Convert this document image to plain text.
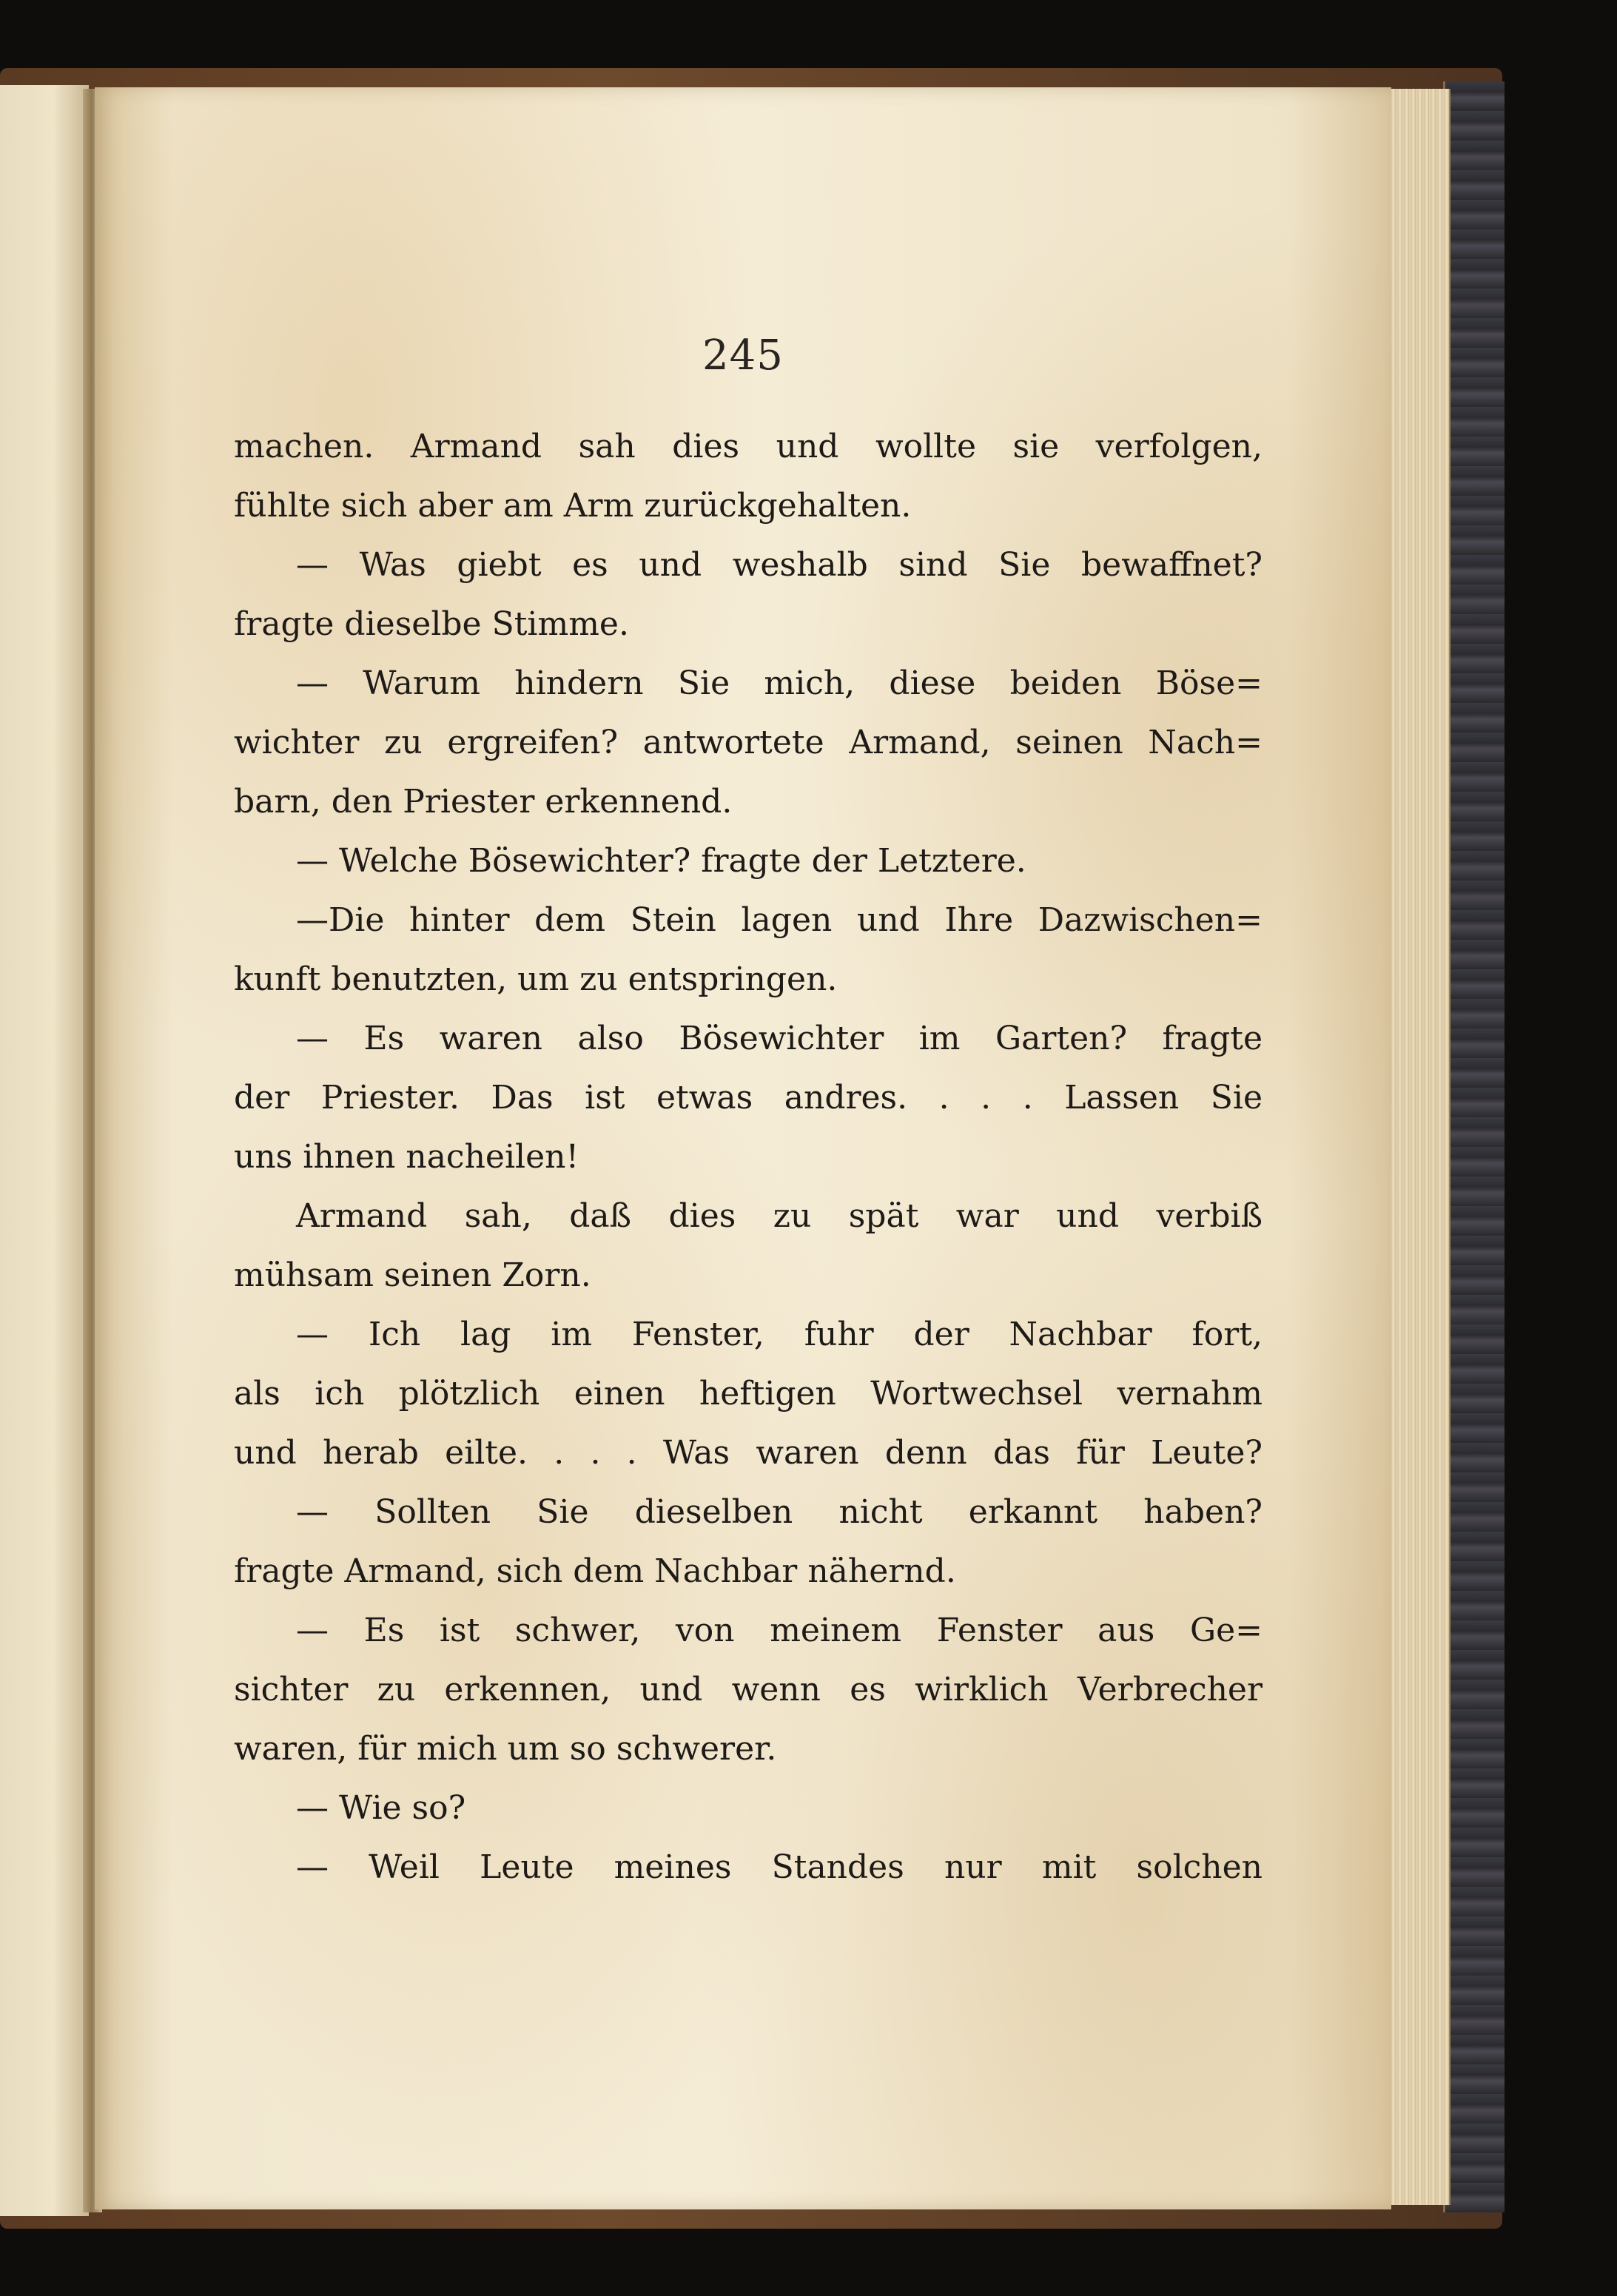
245
machen. Armand sah dies und wollte sie verfolgen,
fühlte sich aber am Arm zurückgehalten.
— Was giebt es und weshalb sind Sie bewaffnet?
fragte dieselbe Stimme.
— Warum hindern Sie mich, diese beiden Böse=
wichter zu ergreifen? antwortete Armand, seinen Nach=
barn, den Priester erkennend.
— Welche Bösewichter? fragte der Letztere.
—Die hinter dem Stein lagen und Ihre Dazwischen=
kunft benutzten, um zu entspringen.
— Es waren also Bösewichter im Garten? fragte
der Priester. Das ist etwas andres. . . . Lassen Sie
uns ihnen nacheilen!
Armand sah, daß dies zu spät war und verbiß
mühsam seinen Zorn.
— Ich lag im Fenster, fuhr der Nachbar fort,
als ich plötzlich einen heftigen Wortwechsel vernahm
und herab eilte. . . . Was waren denn das für Leute?
— Sollten Sie dieselben nicht erkannt haben?
fragte Armand, sich dem Nachbar nähernd.
— Es ist schwer, von meinem Fenster aus Ge=
sichter zu erkennen, und wenn es wirklich Verbrecher
waren, für mich um so schwerer.
— Wie so?
— Weil Leute meines Standes nur mit solchen
